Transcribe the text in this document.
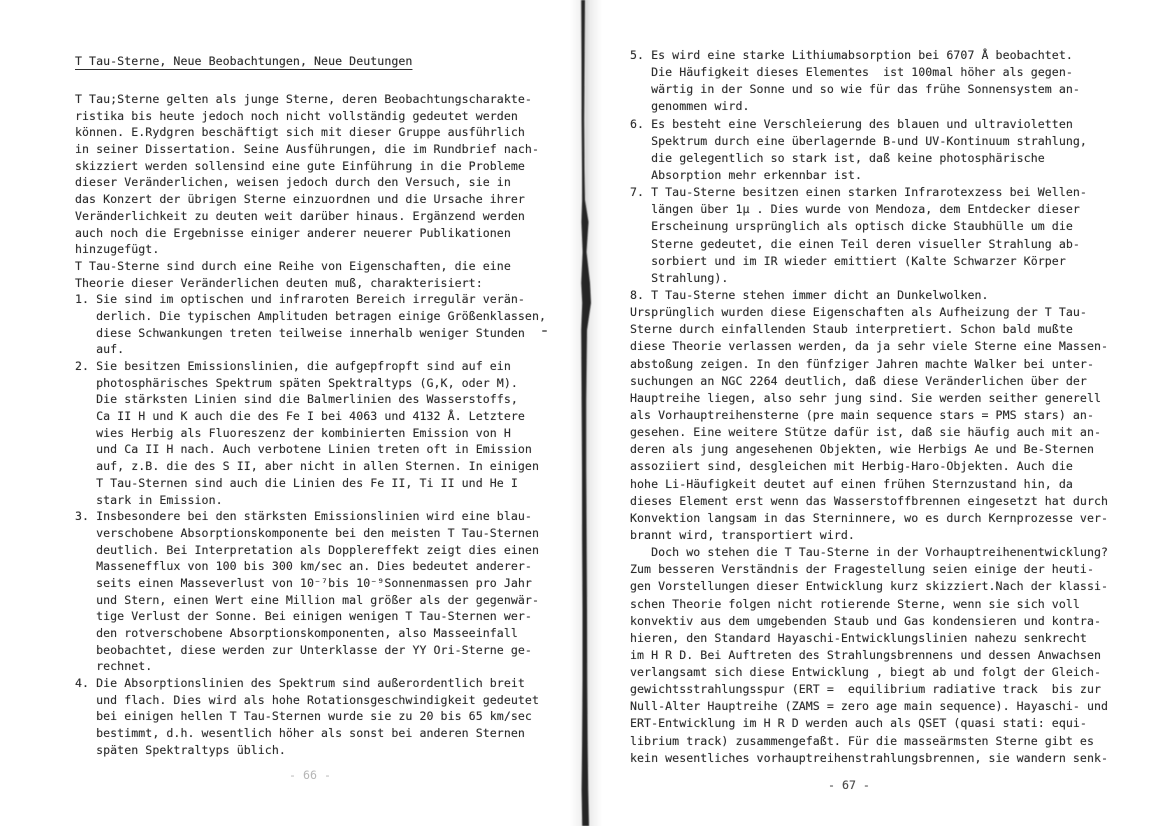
T Tau-Sterne, Neue Beobachtungen, Neue Deutungen
T Tau;Sterne gelten als junge Sterne, deren Beobachtungscharakte-
ristika bis heute jedoch noch nicht vollständig gedeutet werden
können. E.Rydgren beschäftigt sich mit dieser Gruppe ausführlich
in seiner Dissertation. Seine Ausführungen, die im Rundbrief nach-
skizziert werden sollensind eine gute Einführung in die Probleme
dieser Veränderlichen, weisen jedoch durch den Versuch, sie in
das Konzert der übrigen Sterne einzuordnen und die Ursache ihrer
Veränderlichkeit zu deuten weit darüber hinaus. Ergänzend werden
auch noch die Ergebnisse einiger anderer neuerer Publikationen
hinzugefügt.
T Tau-Sterne sind durch eine Reihe von Eigenschaften, die eine
Theorie dieser Veränderlichen deuten muß, charakterisiert:
1. Sie sind im optischen und infraroten Bereich irregulär verän-
derlich. Die typischen Amplituden betragen einige Größenklassen,
diese Schwankungen treten teilweise innerhalb weniger Stunden
auf.
2. Sie besitzen Emissionslinien, die aufgepfropft sind auf ein
photosphärisches Spektrum späten Spektraltyps (G,K, oder M).
Die stärksten Linien sind die Balmerlinien des Wasserstoffs,
Ca II H und K auch die des Fe I bei 4063 und 4132 Å. Letztere
wies Herbig als Fluoreszenz der kombinierten Emission von H
und Ca II H nach. Auch verbotene Linien treten oft in Emission
auf, z.B. die des S II, aber nicht in allen Sternen. In einigen
T Tau-Sternen sind auch die Linien des Fe II, Ti II und He I
stark in Emission.
3. Insbesondere bei den stärksten Emissionslinien wird eine blau-
verschobene Absorptionskomponente bei den meisten T Tau-Sternen
deutlich. Bei Interpretation als Dopplereffekt zeigt dies einen
Massenefflux von 100 bis 300 km/sec an. Dies bedeutet anderer-
seits einen Masseverlust von 10⁻⁷bis 10⁻⁹Sonnenmassen pro Jahr
und Stern, einen Wert eine Million mal größer als der gegenwär-
tige Verlust der Sonne. Bei einigen wenigen T Tau-Sternen wer-
den rotverschobene Absorptionskomponenten, also Masseeinfall
beobachtet, diese werden zur Unterklasse der YY Ori-Sterne ge-
rechnet.
4. Die Absorptionslinien des Spektrum sind außerordentlich breit
und flach. Dies wird als hohe Rotationsgeschwindigkeit gedeutet
bei einigen hellen T Tau-Sternen wurde sie zu 20 bis 65 km/sec
bestimmt, d.h. wesentlich höher als sonst bei anderen Sternen
späten Spektraltyps üblich.
- 66 -
5. Es wird eine starke Lithiumabsorption bei 6707 Å beobachtet.
Die Häufigkeit dieses Elementes  ist 100mal höher als gegen-
wärtig in der Sonne und so wie für das frühe Sonnensystem an-
genommen wird.
6. Es besteht eine Verschleierung des blauen und ultravioletten
Spektrum durch eine überlagernde B-und UV-Kontinuum strahlung,
die gelegentlich so stark ist, daß keine photosphärische
Absorption mehr erkennbar ist.
7. T Tau-Sterne besitzen einen starken Infrarotexzess bei Wellen-
längen über 1μ . Dies wurde von Mendoza, dem Entdecker dieser
Erscheinung ursprünglich als optisch dicke Staubhülle um die
Sterne gedeutet, die einen Teil deren visueller Strahlung ab-
sorbiert und im IR wieder emittiert (Kalte Schwarzer Körper
Strahlung).
8. T Tau-Sterne stehen immer dicht an Dunkelwolken.
Ursprünglich wurden diese Eigenschaften als Aufheizung der T Tau-
Sterne durch einfallenden Staub interpretiert. Schon bald mußte
diese Theorie verlassen werden, da ja sehr viele Sterne eine Massen-
abstoßung zeigen. In den fünfziger Jahren machte Walker bei unter-
suchungen an NGC 2264 deutlich, daß diese Veränderlichen über der
Hauptreihe liegen, also sehr jung sind. Sie werden seither generell
als Vorhauptreihensterne (pre main sequence stars = PMS stars) an-
gesehen. Eine weitere Stütze dafür ist, daß sie häufig auch mit an-
deren als jung angesehenen Objekten, wie Herbigs Ae und Be-Sternen
assoziiert sind, desgleichen mit Herbig-Haro-Objekten. Auch die
hohe Li-Häufigkeit deutet auf einen frühen Sternzustand hin, da
dieses Element erst wenn das Wasserstoffbrennen eingesetzt hat durch
Konvektion langsam in das Sterninnere, wo es durch Kernprozesse ver-
brannt wird, transportiert wird.
Doch wo stehen die T Tau-Sterne in der Vorhauptreihenentwicklung?
Zum besseren Verständnis der Fragestellung seien einige der heuti-
gen Vorstellungen dieser Entwicklung kurz skizziert.Nach der klassi-
schen Theorie folgen nicht rotierende Sterne, wenn sie sich voll
konvektiv aus dem umgebenden Staub und Gas kondensieren und kontra-
hieren, den Standard Hayaschi-Entwicklungslinien nahezu senkrecht
im H R D. Bei Auftreten des Strahlungsbrennens und dessen Anwachsen
verlangsamt sich diese Entwicklung , biegt ab und folgt der Gleich-
gewichtsstrahlungsspur (ERT =  equilibrium radiative track  bis zur
Null-Alter Hauptreihe (ZAMS = zero age main sequence). Hayaschi- und
ERT-Entwicklung im H R D werden auch als QSET (quasi stati: equi-
librium track) zusammengefaßt. Für die masseärmsten Sterne gibt es
kein wesentliches vorhauptreihenstrahlungsbrennen, sie wandern senk-
- 67 -
